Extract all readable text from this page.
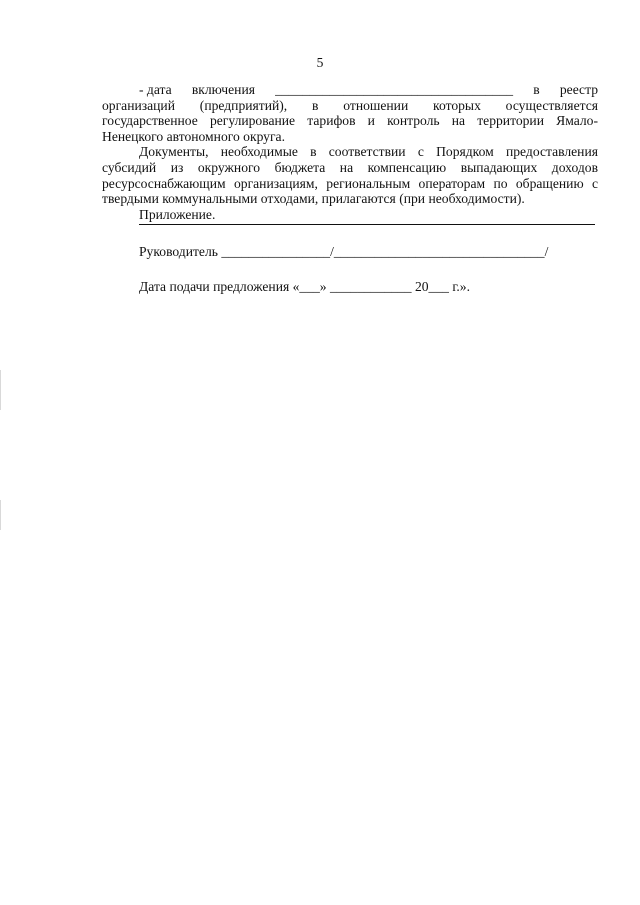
5
- дата включения ___________________________________ в реестр
организаций (предприятий), в отношении которых осуществляется
государственное регулирование тарифов и контроль на территории Ямало-
Ненецкого автономного округа.
Документы, необходимые в соответствии с Порядком предоставления
субсидий из окружного бюджета на компенсацию выпадающих доходов
ресурсоснабжающим организациям, региональным операторам по обращению с
твердыми коммунальными отходами, прилагаются (при необходимости).
Приложение.
Руководитель ________________/_______________________________/
Дата подачи предложения «___» ____________ 20___ г.».
